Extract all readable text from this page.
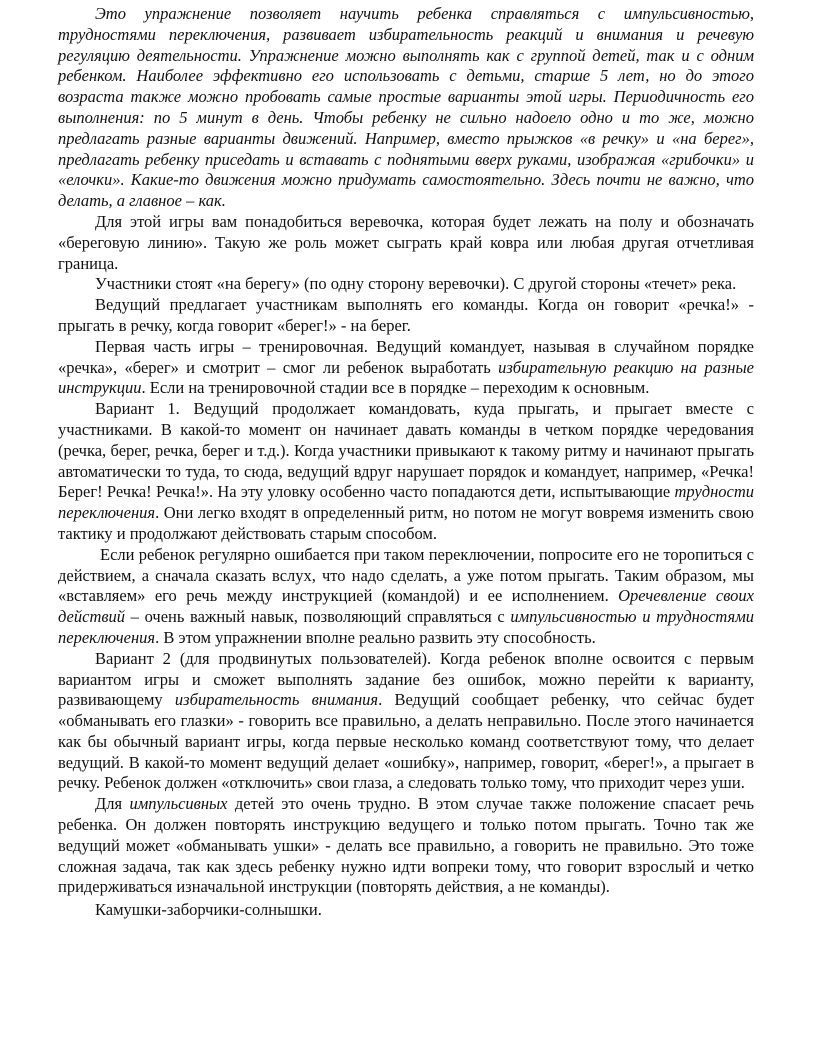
Это упражнение позволяет научить ребенка справляться с импульсивностью, трудностями переключения, развивает избирательность реакций и внимания и речевую регуляцию деятельности. Упражнение можно выполнять как с группой детей, так и с одним ребенком. Наиболее эффективно его использовать с детьми, старше 5 лет, но до этого возраста также можно пробовать самые простые варианты этой игры. Периодичность его выполнения: по 5 минут в день. Чтобы ребенку не сильно надоело одно и то же, можно предлагать разные варианты движений. Например, вместо прыжков «в речку» и «на берег», предлагать ребенку приседать и вставать с поднятыми вверх руками, изображая «грибочки» и «елочки». Какие-то движения можно придумать самостоятельно. Здесь почти не важно, что делать, а главное – как.

Для этой игры вам понадобиться веревочка, которая будет лежать на полу и обозначать «береговую линию». Такую же роль может сыграть край ковра или любая другая отчетливая граница.

Участники стоят «на берегу» (по одну сторону веревочки). С другой стороны «течет» река.

Ведущий предлагает участникам выполнять его команды. Когда он говорит «речка!» - прыгать в речку, когда говорит «берег!» - на берег.

Первая часть игры – тренировочная. Ведущий командует, называя в случайном порядке «речка», «берег» и смотрит – смог ли ребенок выработать избирательную реакцию на разные инструкции. Если на тренировочной стадии все в порядке – переходим к основным.

Вариант 1. Ведущий продолжает командовать, куда прыгать, и прыгает вместе с участниками. В какой-то момент он начинает давать команды в четком порядке чередования (речка, берег, речка, берег и т.д.). Когда участники привыкают к такому ритму и начинают прыгать автоматически то туда, то сюда, ведущий вдруг нарушает порядок и командует, например, «Речка! Берег! Речка! Речка!». На эту уловку особенно часто попадаются дети, испытывающие трудности переключения. Они легко входят в определенный ритм, но потом не могут вовремя изменить свою тактику и продолжают действовать старым способом.

Если ребенок регулярно ошибается при таком переключении, попросите его не торопиться с действием, а сначала сказать вслух, что надо сделать, а уже потом прыгать. Таким образом, мы «вставляем» его речь между инструкцией (командой) и ее исполнением. Оречевление своих действий – очень важный навык, позволяющий справляться с импульсивностью и трудностями переключения. В этом упражнении вполне реально развить эту способность.

Вариант 2 (для продвинутых пользователей). Когда ребенок вполне освоится с первым вариантом игры и сможет выполнять задание без ошибок, можно перейти к варианту, развивающему избирательность внимания. Ведущий сообщает ребенку, что сейчас будет «обманывать его глазки» - говорить все правильно, а делать неправильно. После этого начинается как бы обычный вариант игры, когда первые несколько команд соответствуют тому, что делает ведущий. В какой-то момент ведущий делает «ошибку», например, говорит, «берег!», а прыгает в речку. Ребенок должен «отключить» свои глаза, а следовать только тому, что приходит через уши.

Для импульсивных детей это очень трудно. В этом случае также положение спасает речь ребенка. Он должен повторять инструкцию ведущего и только потом прыгать. Точно так же ведущий может «обманывать ушки» - делать все правильно, а говорить не правильно. Это тоже сложная задача, так как здесь ребенку нужно идти вопреки тому, что говорит взрослый и четко придерживаться изначальной инструкции (повторять действия, а не команды).

Камушки-заборчики-солнышки.
